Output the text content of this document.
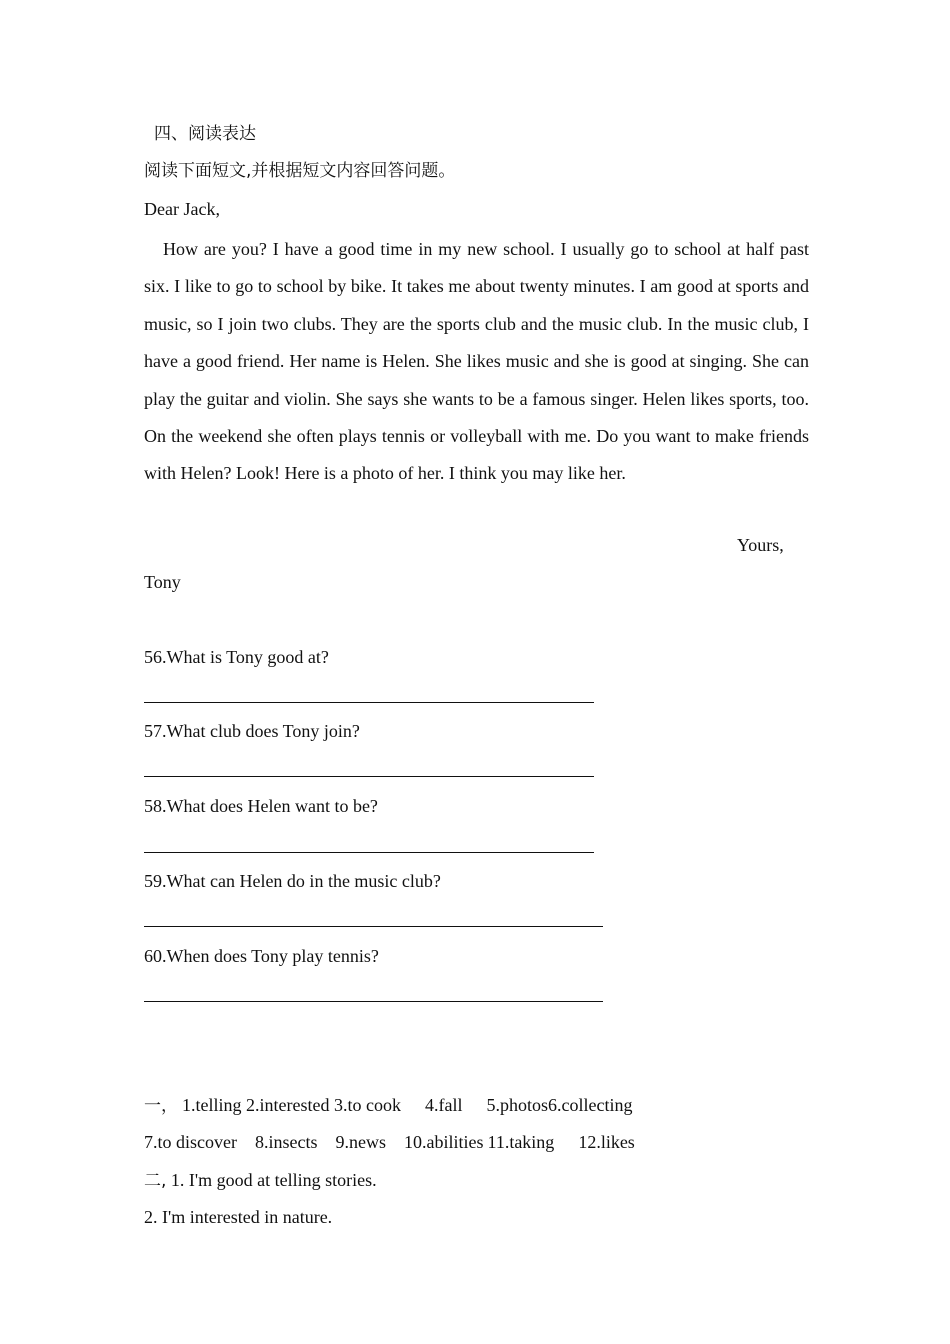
四、阅读表达
阅读下面短文,并根据短文内容回答问题。
Dear Jack,
How are you? I have a good time in my new school. I usually go to school at half past six. I like to go to school by bike. It takes me about twenty minutes. I am good at sports and music, so I join two clubs. They are the sports club and the music club. In the music club, I have a good friend. Her name is Helen. She likes music and she is good at singing. She can play the guitar and violin. She says she wants to be a famous singer. Helen likes sports, too. On the weekend she often plays tennis or volleyball with me. Do you want to make friends with Helen? Look! Here is a photo of her. I think you may like her.
Yours,
Tony
56.What is Tony good at?
57.What club does Tony join?
58.What does Helen want to be?
59.What can Helen do in the music club?
60.When does Tony play tennis?
一， 1.telling 2.interested 3.to cook 4.fall 5.photos6.collecting
7.to discover 8.insects 9.news 10.abilities 11.taking 12.likes
二, 1. I'm good at telling stories.
2. I'm interested in nature.
